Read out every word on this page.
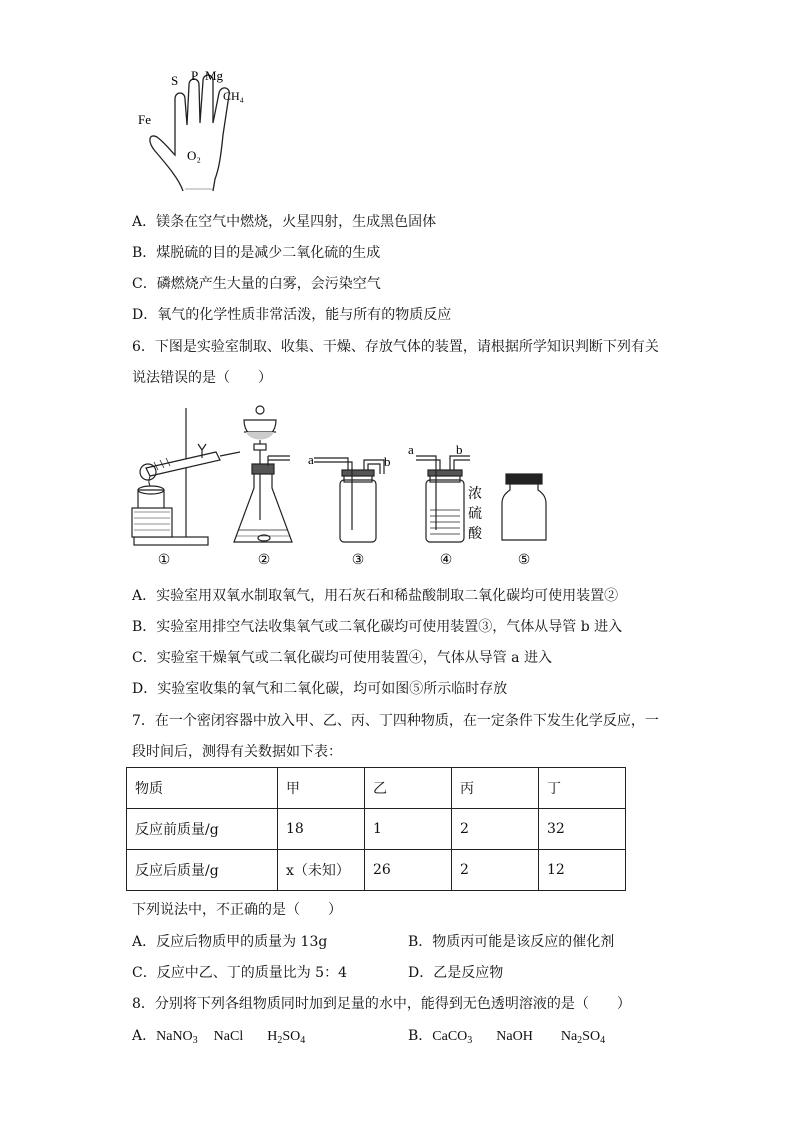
S P Mg
CH₄
Fe
O₂
A．镁条在空气中燃烧，火星四射，生成黑色固体
B．煤脱硫的目的是减少二氧化硫的生成
C．磷燃烧产生大量的白雾，会污染空气
D．氧气的化学性质非常活泼，能与所有的物质反应
6．下图是实验室制取、收集、干燥、存放气体的装置，请根据所学知识判断下列有关
说法错误的是（　　）
①	②
a	b
③
a	b
浓
硫
酸
④	⑤
A．实验室用双氧水制取氧气，用石灰石和稀盐酸制取二氧化碳均可使用装置②
B．实验室用排空气法收集氧气或二氧化碳均可使用装置③，气体从导管 b 进入
C．实验室干燥氧气或二氧化碳均可使用装置④，气体从导管 a 进入
D．实验室收集的氧气和二氧化碳，均可如图⑤所示临时存放
7．在一个密闭容器中放入甲、乙、丙、丁四种物质，在一定条件下发生化学反应，一
段时间后，测得有关数据如下表：
物质	甲	乙	丙	丁
反应前质量/g	18	1	2	32
反应后质量/g	x（未知）	26	2	12
下列说法中，不正确的是（　　）
A．反应后物质甲的质量为 13g	B．物质丙可能是该反应的催化剂
C．反应中乙、丁的质量比为 5：4	D．乙是反应物
8．分别将下列各组物质同时加到足量的水中，能得到无色透明溶液的是（　　）
A．NaNO$_3$ NaCl $H_2SO_4$	B．CaCO$_3$ NaOH $Na_2SO_4$
